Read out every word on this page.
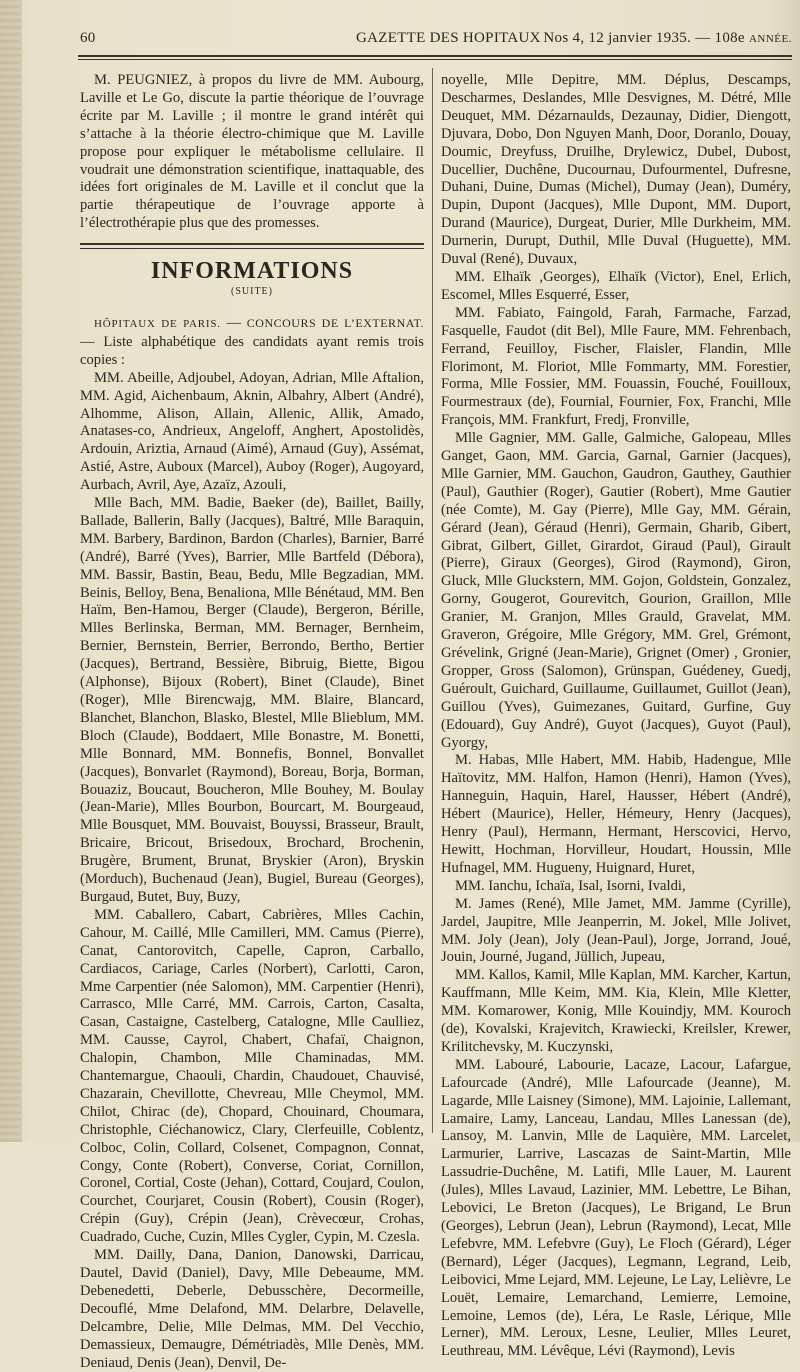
60	GAZETTE DES HOPITAUX Nos 4, 12 janvier 1935. — 108e ANNÉE.

M. PEUGNIEZ, à propos du livre de MM. Aubourg, Laville et Le Go, discute la partie théorique de l’ouvrage écrite par M. Laville ; il montre le grand intérêt qui s’attache à la théorie électro-chimique que M. Laville propose pour expliquer le métabolisme cellulaire. Il voudrait une démonstration scientifique, inattaquable, des idées fort originales de M. Laville et il conclut que la partie thérapeutique de l’ouvrage apporte à l’électrothérapie plus que des promesses.

INFORMATIONS
(SUITE)

HÔPITAUX DE PARIS. — CONCOURS DE L’EXTERNAT. — Liste alphabétique des candidats ayant remis trois copies :

MM. Abeille, Adjoubel, Adoyan, Adrian, Mlle Aftalion, MM. Agid, Aichenbaum, Aknin, Albahry, Albert (André), Alhomme, Alison, Allain, Allenic, Allik, Amado, Anatases-co, Andrieux, Angeloff, Anghert, Apostolidès, Ardouin, Ariztia, Arnaud (Aimé), Arnaud (Guy), Assémat, Astié, Astre, Auboux (Marcel), Auboy (Roger), Augoyard, Aurbach, Avril, Aye, Azaïz, Azouli,

Mlle Bach, MM. Badie, Baeker (de), Baillet, Bailly, Ballade, Ballerin, Bally (Jacques), Baltré, Mlle Baraquin, MM. Barbery, Bardinon, Bardon (Charles), Barnier, Barré (André), Barré (Yves), Barrier, Mlle Bartfeld (Débora), MM. Bassir, Bastin, Beau, Bedu, Mlle Begzadian, MM. Beinis, Belloy, Bena, Benaliona, Mlle Bénétaud, MM. Ben Haïm, Ben-Hamou, Berger (Claude), Bergeron, Bérille, Mlles Berlinska, Berman, MM. Bernager, Bernheim, Bernier, Bernstein, Berrier, Berrondo, Bertho, Bertier (Jacques), Bertrand, Bessière, Bibruig, Biette, Bigou (Alphonse), Bijoux (Robert), Binet (Claude), Binet (Roger), Mlle Birencwajg, MM. Blaire, Blancard, Blanchet, Blanchon, Blasko, Blestel, Mlle Blieblum, MM. Bloch (Claude), Boddaert, Mlle Bonastre, M. Bonetti, Mlle Bonnard, MM. Bonnefis, Bonnel, Bonvallet (Jacques), Bonvarlet (Raymond), Boreau, Borja, Borman, Bouaziz, Boucaut, Boucheron, Mlle Bouhey, M. Boulay (Jean-Marie), Mlles Bourbon, Bourcart, M. Bourgeaud, Mlle Bousquet, MM. Bouvaist, Bouyssi, Brasseur, Brault, Bricaire, Bricout, Brisedoux, Brochard, Brochenin, Brugère, Brument, Brunat, Bryskier (Aron), Bryskin (Morduch), Buchenaud (Jean), Bugiel, Bureau (Georges), Burgaud, Butet, Buy, Buzy,

MM. Caballero, Cabart, Cabrières, Mlles Cachin, Cahour, M. Caillé, Mlle Camilleri, MM. Camus (Pierre), Canat, Cantorovitch, Capelle, Capron, Carballo, Cardiacos, Cariage, Carles (Norbert), Carlotti, Caron, Mme Carpentier (née Salomon), MM. Carpentier (Henri), Carrasco, Mlle Carré, MM. Carrois, Carton, Casalta, Casan, Castaigne, Castelberg, Catalogne, Mlle Caulliez, MM. Causse, Cayrol, Chabert, Chafaï, Chaignon, Chalopin, Chambon, Mlle Chaminadas, MM. Chantemargue, Chaouli, Chardin, Chaudouet, Chauvisé, Chazarain, Chevillotte, Chevreau, Mlle Cheymol, MM. Chilot, Chirac (de), Chopard, Chouinard, Choumara, Christophle, Ciéchanowicz, Clary, Clerfeuille, Coblentz, Colboc, Colin, Collard, Colsenet, Compagnon, Connat, Congy, Conte (Robert), Converse, Coriat, Cornillon, Coronel, Cortial, Coste (Jehan), Cottard, Coujard, Coulon, Courchet, Courjaret, Cousin (Robert), Cousin (Roger), Crépin (Guy), Crépin (Jean), Crèvecœur, Crohas, Cuadrado, Cuche, Cuzin, Mlles Cygler, Cypin, M. Czesla.

MM. Dailly, Dana, Danion, Danowski, Darricau, Dautel, David (Daniel), Davy, Mlle Debeaume, MM. Debenedetti, Deberle, Debusschère, Decormeille, Decouflé, Mme Delafond, MM. Delarbre, Delavelle, Delcambre, Delie, Mlle Delmas, MM. Del Vecchio, Demassieux, Demaugre, Démétriadès, Mlle Denès, MM. Deniaud, Denis (Jean), Denvil, De-

noyelle, Mlle Depitre, MM. Déplus, Descamps, Descharmes, Deslandes, Mlle Desvignes, M. Détré, Mlle Deuquet, MM. Dézarnaulds, Dezaunay, Didier, Diengott, Djuvara, Dobo, Don Nguyen Manh, Door, Doranlo, Douay, Doumic, Dreyfuss, Druilhe, Drylewicz, Dubel, Dubost, Ducellier, Duchêne, Ducournau, Dufourmentel, Dufresne, Duhani, Duine, Dumas (Michel), Dumay (Jean), Duméry, Dupin, Dupont (Jacques), Mlle Dupont, MM. Duport, Durand (Maurice), Durgeat, Durier, Mlle Durkheim, MM. Durnerin, Durupt, Duthil, Mlle Duval (Huguette), MM. Duval (René), Duvaux,

MM. Elhaïk ,Georges), Elhaïk (Victor), Enel, Erlich, Escomel, Mlles Esquerré, Esser,

MM. Fabiato, Faingold, Farah, Farmache, Farzad, Fasquelle, Faudot (dit Bel), Mlle Faure, MM. Fehrenbach, Ferrand, Feuilloy, Fischer, Flaisler, Flandin, Mlle Florimont, M. Floriot, Mlle Fommarty, MM. Forestier, Forma, Mlle Fossier, MM. Fouassin, Fouché, Fouilloux, Fourmestraux (de), Fournial, Fournier, Fox, Franchi, Mlle François, MM. Frankfurt, Fredj, Fronville,

Mlle Gagnier, MM. Galle, Galmiche, Galopeau, Mlles Ganget, Gaon, MM. Garcia, Garnal, Garnier (Jacques), Mlle Garnier, MM. Gauchon, Gaudron, Gauthey, Gauthier (Paul), Gauthier (Roger), Gautier (Robert), Mme Gautier (née Comte), M. Gay (Pierre), Mlle Gay, MM. Gérain, Gérard (Jean), Géraud (Henri), Germain, Gharib, Gibert, Gibrat, Gilbert, Gillet, Girardot, Giraud (Paul), Girault (Pierre), Giraux (Georges), Girod (Raymond), Giron, Gluck, Mlle Gluckstern, MM. Gojon, Goldstein, Gonzalez, Gorny, Gougerot, Gourevitch, Gourion, Graillon, Mlle Granier, M. Granjon, Mlles Grauld, Gravelat, MM. Graveron, Grégoire, Mlle Grégory, MM. Grel, Grémont, Grévelink, Grigné (Jean-Marie), Grignet (Omer) , Gronier, Gropper, Gross (Salomon), Grünspan, Guédeney, Guedj, Guéroult, Guichard, Guillaume, Guillaumet, Guillot (Jean), Guillou (Yves), Guimezanes, Guitard, Gurfine, Guy (Edouard), Guy André), Guyot (Jacques), Guyot (Paul), Gyorgy,

M. Habas, Mlle Habert, MM. Habib, Hadengue, Mlle Haïtovitz, MM. Halfon, Hamon (Henri), Hamon (Yves), Hanneguin, Haquin, Harel, Hausser, Hébert (André), Hébert (Maurice), Heller, Hémeury, Henry (Jacques), Henry (Paul), Hermann, Hermant, Herscovici, Hervo, Hewitt, Hochman, Horvilleur, Houdart, Houssin, Mlle Hufnagel, MM. Hugueny, Huignard, Huret,

MM. Ianchu, Ichaïa, Isal, Isorni, Ivaldi,

M. James (René), Mlle Jamet, MM. Jamme (Cyrille), Jardel, Jaupitre, Mlle Jeanperrin, M. Jokel, Mlle Jolivet, MM. Joly (Jean), Joly (Jean-Paul), Jorge, Jorrand, Joué, Jouin, Journé, Jugand, Jüllich, Jupeau,

MM. Kallos, Kamil, Mlle Kaplan, MM. Karcher, Kartun, Kauffmann, Mlle Keim, MM. Kia, Klein, Mlle Kletter, MM. Komarower, Konig, Mlle Kouindjy, MM. Kouroch (de), Kovalski, Krajevitch, Krawiecki, Kreilsler, Krewer, Krilitchevsky, M. Kuczynski,

MM. Labouré, Labourie, Lacaze, Lacour, Lafargue, Lafourcade (André), Mlle Lafourcade (Jeanne), M. Lagarde, Mlle Laisney (Simone), MM. Lajoinie, Lallemant, Lamaire, Lamy, Lanceau, Landau, Mlles Lanessan (de), Lansoy, M. Lanvin, Mlle de Laquière, MM. Larcelet, Larmurier, Larrive, Lascazas de Saint-Martin, Mlle Lassudrie-Duchêne, M. Latifi, Mlle Lauer, M. Laurent (Jules), Mlles Lavaud, Lazinier, MM. Lebettre, Le Bihan, Lebovici, Le Breton (Jacques), Le Brigand, Le Brun (Georges), Lebrun (Jean), Lebrun (Raymond), Lecat, Mlle Lefebvre, MM. Lefebvre (Guy), Le Floch (Gérard), Léger (Bernard), Léger (Jacques), Legmann, Legrand, Leib, Leibovici, Mme Lejard, MM. Lejeune, Le Lay, Lelièvre, Le Louët, Lemaire, Lemarchand, Lemierre, Lemoine, Lemoine, Lemos (de), Léra, Le Rasle, Lérique, Mlle Lerner), MM. Leroux, Lesne, Leulier, Mlles Leuret, Leuthreau, MM. Lévêque, Lévi (Raymond), Levis
